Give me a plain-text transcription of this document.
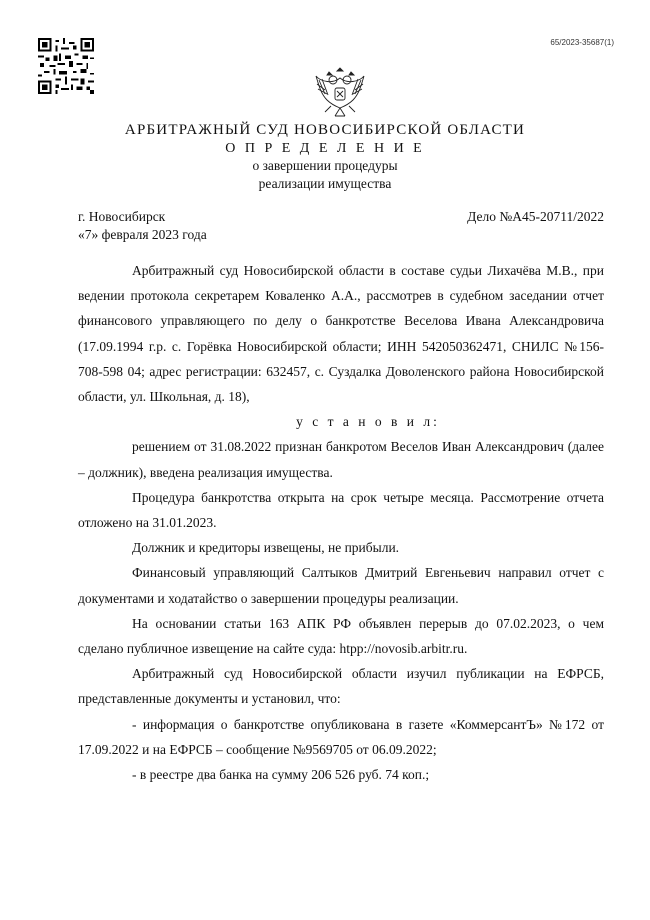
65/2023-35687(1)
АРБИТРАЖНЫЙ СУД НОВОСИБИРСКОЙ ОБЛАСТИ
О П Р Е Д Е Л Е Н И Е
о завершении процедуры
реализации имущества
г. Новосибирск
«7» февраля 2023 года
Дело №А45-20711/2022

Арбитражный суд Новосибирской области в составе судьи Лихачёва М.В., при ведении протокола секретарем Коваленко А.А., рассмотрев в судебном заседании отчет финансового управляющего по делу о банкротстве Веселова Ивана Александровича (17.09.1994 г.р. с. Горёвка Новосибирской области; ИНН 542050362471, СНИЛС №156-708-598 04; адрес регистрации: 632457, с. Суздалка Доволенского района Новосибирской области, ул. Школьная, д. 18),

у с т а н о в и л:

решением от 31.08.2022 признан банкротом Веселов Иван Александрович (далее – должник), введена реализация имущества.

Процедура банкротства открыта на срок четыре месяца. Рассмотрение отчета отложено на 31.01.2023.

Должник и кредиторы извещены, не прибыли.

Финансовый управляющий Салтыков Дмитрий Евгеньевич направил отчет с документами и ходатайство о завершении процедуры реализации.

На основании статьи 163 АПК РФ объявлен перерыв до 07.02.2023, о чем сделано публичное извещение на сайте суда: htpp://novosib.arbitr.ru.

Арбитражный суд Новосибирской области изучил публикации на ЕФРСБ, представленные документы и установил, что:

- информация о банкротстве опубликована в газете «КоммерсантЪ» №172 от 17.09.2022 и на ЕФРСБ – сообщение №9569705 от 06.09.2022;

- в реестре два банка на сумму 206 526 руб. 74 коп.;
